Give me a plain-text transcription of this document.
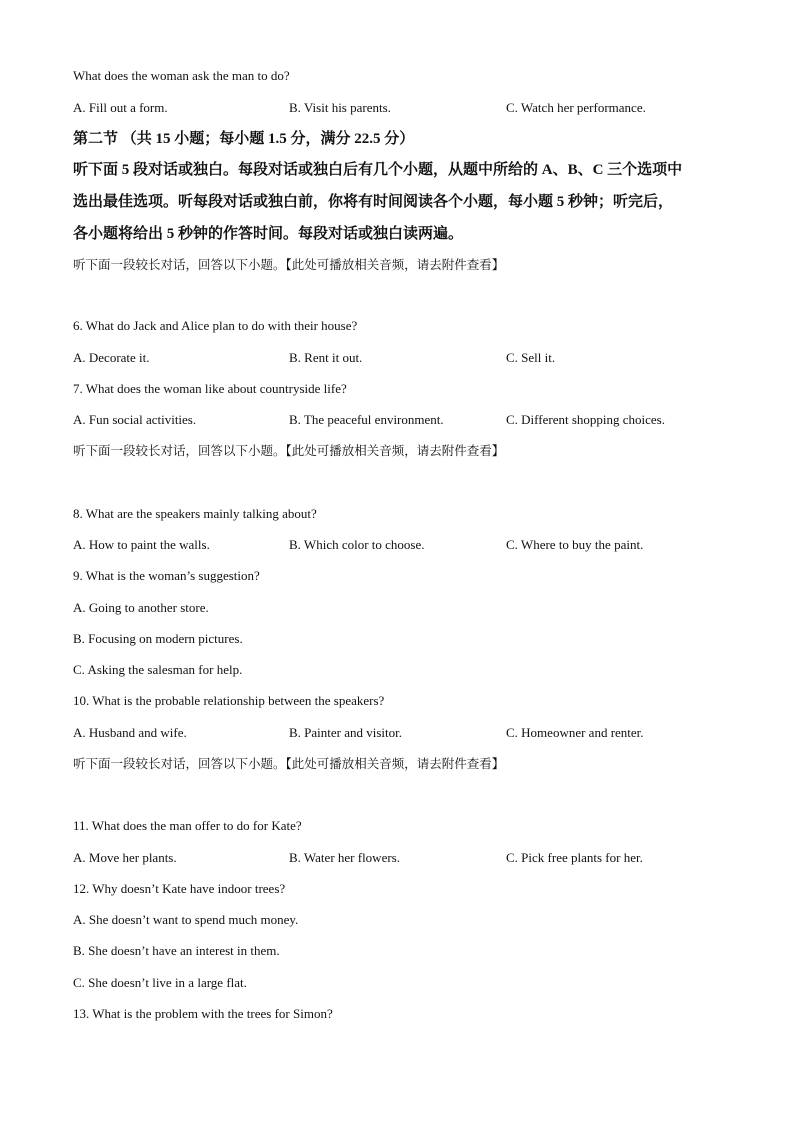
What does the woman ask the man to do?
A. Fill out a form.	B. Visit his parents.	C. Watch her performance.
第二节 （共 15 小题；每小题 1.5 分，满分 22.5 分）
听下面 5 段对话或独白。每段对话或独白后有几个小题，从题中所给的 A、B、C 三个选项中
选出最佳选项。听每段对话或独白前，你将有时间阅读各个小题，每小题 5 秒钟；听完后，
各小题将给出 5 秒钟的作答时间。每段对话或独白读两遍。
听下面一段较长对话，回答以下小题。【此处可播放相关音频，请去附件查看】
6. What do Jack and Alice plan to do with their house?
A. Decorate it.	B. Rent it out.	C. Sell it.
7. What does the woman like about countryside life?
A. Fun social activities.	B. The peaceful environment.	C. Different shopping choices.
听下面一段较长对话，回答以下小题。【此处可播放相关音频，请去附件查看】
8. What are the speakers mainly talking about?
A. How to paint the walls.	B. Which color to choose.	C. Where to buy the paint.
9. What is the woman’s suggestion?
A. Going to another store.
B. Focusing on modern pictures.
C. Asking the salesman for help.
10. What is the probable relationship between the speakers?
A. Husband and wife.	B. Painter and visitor.	C. Homeowner and renter.
听下面一段较长对话，回答以下小题。【此处可播放相关音频，请去附件查看】
11. What does the man offer to do for Kate?
A. Move her plants.	B. Water her flowers.	C. Pick free plants for her.
12. Why doesn’t Kate have indoor trees?
A. She doesn’t want to spend much money.
B. She doesn’t have an interest in them.
C. She doesn’t live in a large flat.
13. What is the problem with the trees for Simon?
